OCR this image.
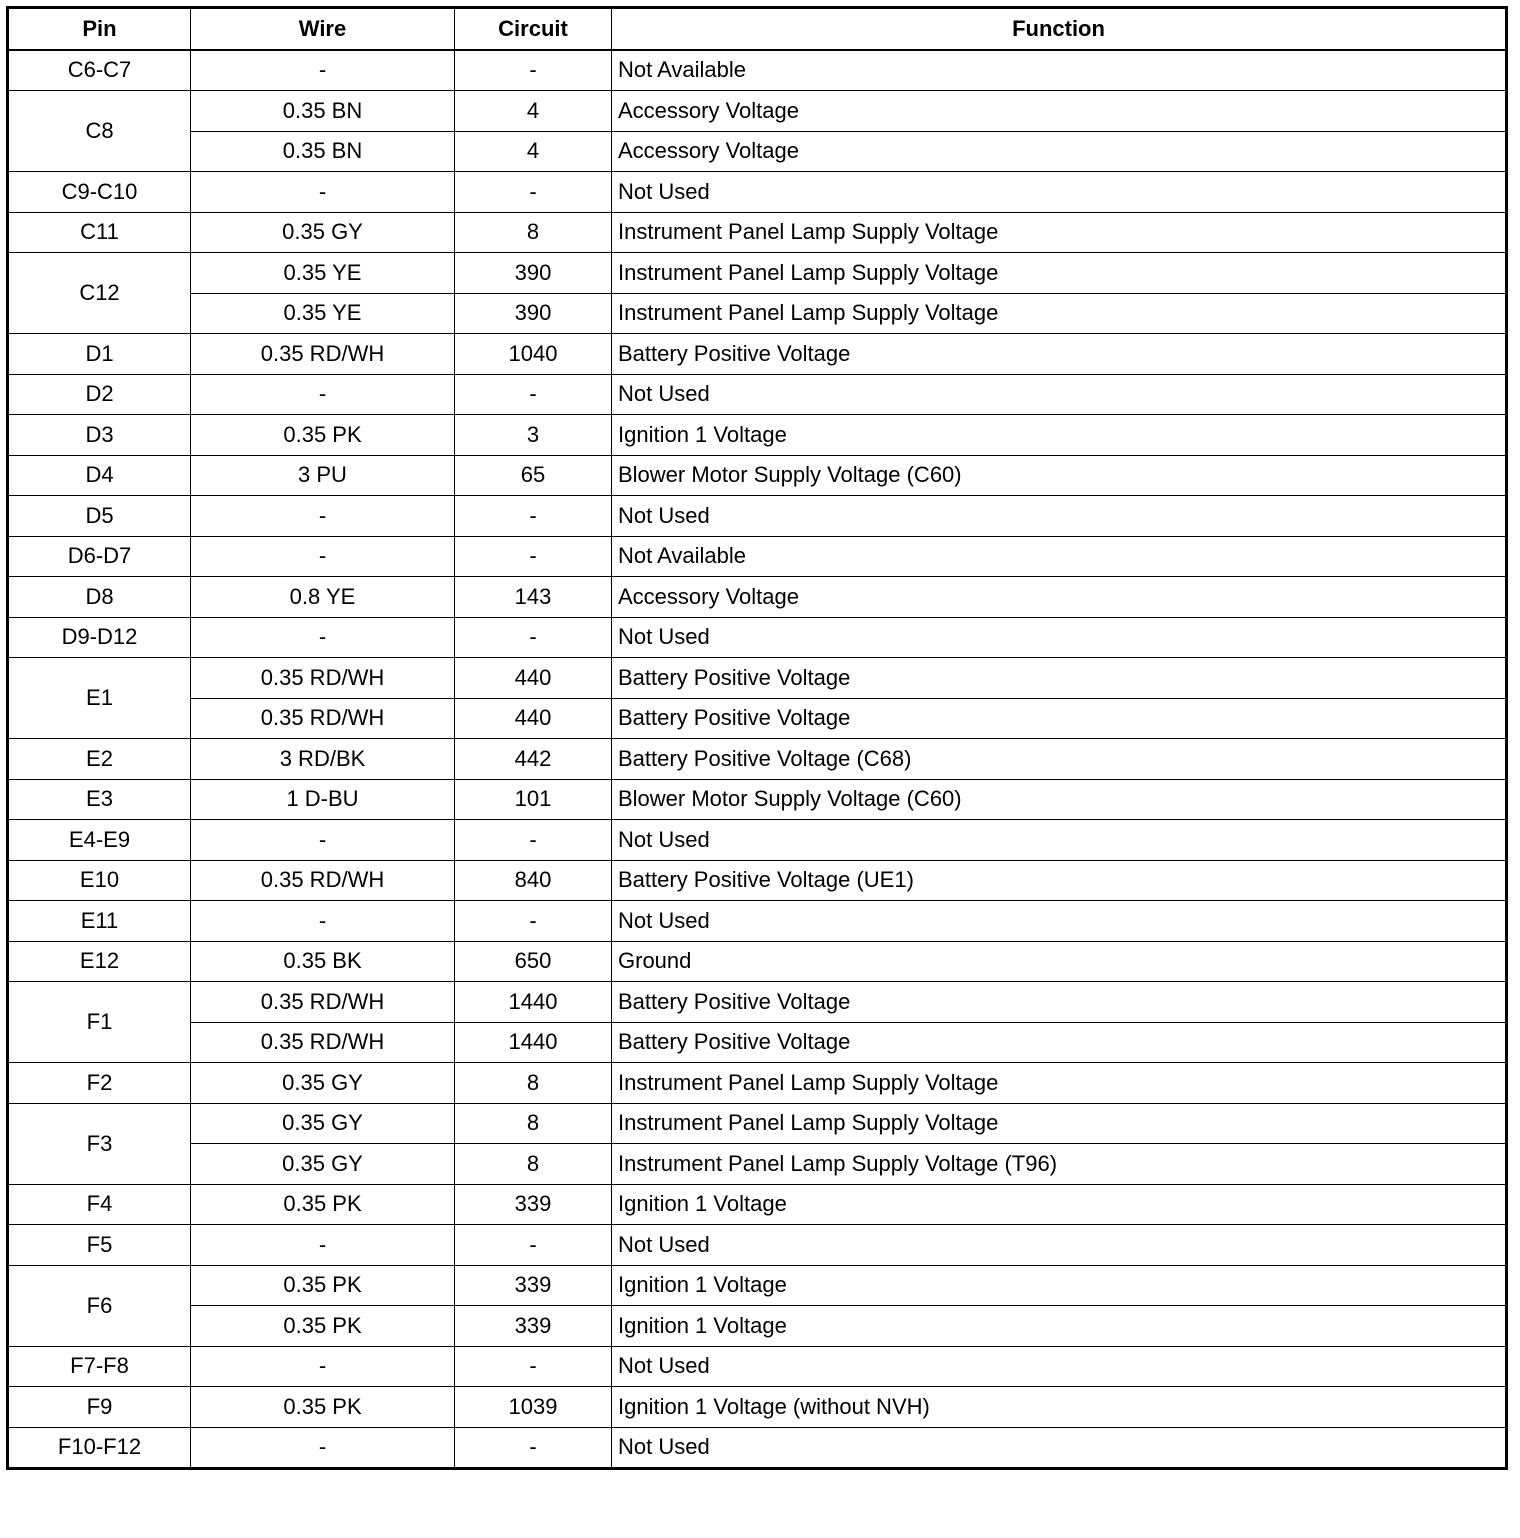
Pin	Wire	Circuit	Function
C6-C7	-	-	Not Available
C8	0.35 BN	4	Accessory Voltage
	0.35 BN	4	Accessory Voltage
C9-C10	-	-	Not Used
C11	0.35 GY	8	Instrument Panel Lamp Supply Voltage
C12	0.35 YE	390	Instrument Panel Lamp Supply Voltage
	0.35 YE	390	Instrument Panel Lamp Supply Voltage
D1	0.35 RD/WH	1040	Battery Positive Voltage
D2	-	-	Not Used
D3	0.35 PK	3	Ignition 1 Voltage
D4	3 PU	65	Blower Motor Supply Voltage (C60)
D5	-	-	Not Used
D6-D7	-	-	Not Available
D8	0.8 YE	143	Accessory Voltage
D9-D12	-	-	Not Used
E1	0.35 RD/WH	440	Battery Positive Voltage
	0.35 RD/WH	440	Battery Positive Voltage
E2	3 RD/BK	442	Battery Positive Voltage (C68)
E3	1 D-BU	101	Blower Motor Supply Voltage (C60)
E4-E9	-	-	Not Used
E10	0.35 RD/WH	840	Battery Positive Voltage (UE1)
E11	-	-	Not Used
E12	0.35 BK	650	Ground
F1	0.35 RD/WH	1440	Battery Positive Voltage
	0.35 RD/WH	1440	Battery Positive Voltage
F2	0.35 GY	8	Instrument Panel Lamp Supply Voltage
F3	0.35 GY	8	Instrument Panel Lamp Supply Voltage
	0.35 GY	8	Instrument Panel Lamp Supply Voltage (T96)
F4	0.35 PK	339	Ignition 1 Voltage
F5	-	-	Not Used
F6	0.35 PK	339	Ignition 1 Voltage
	0.35 PK	339	Ignition 1 Voltage
F7-F8	-	-	Not Used
F9	0.35 PK	1039	Ignition 1 Voltage (without NVH)
F10-F12	-	-	Not Used
